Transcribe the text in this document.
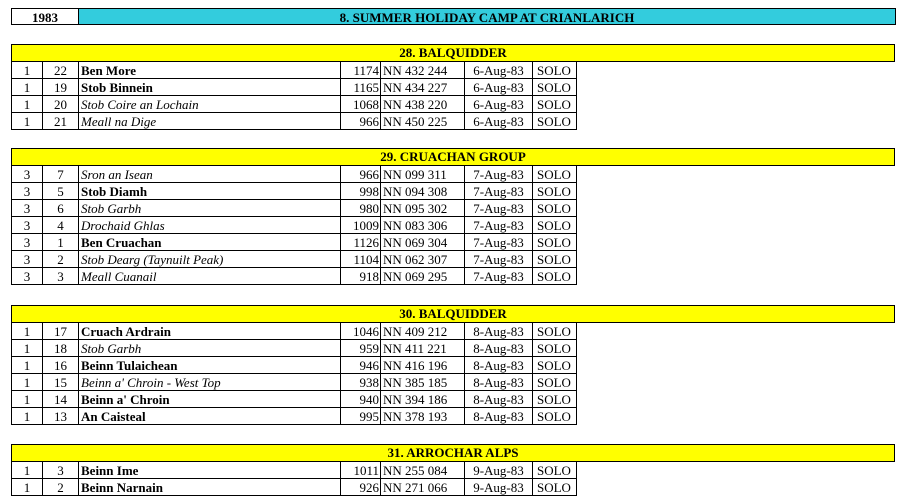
1983	8. SUMMER HOLIDAY CAMP AT CRIANLARICH
28. BALQUIDDER
1	22	Ben More	1174 NN 432 244	6-Aug-83	SOLO
1	19	Stob Binnein	1165 NN 434 227	6-Aug-83	SOLO
1	20	Stob Coire an Lochain	1068 NN 438 220	6-Aug-83	SOLO
1	21	Meall na Dige	966 NN 450 225	6-Aug-83	SOLO
29. CRUACHAN GROUP
3	7	Sron an Isean	966 NN 099 311	7-Aug-83	SOLO
3	5	Stob Diamh	998 NN 094 308	7-Aug-83	SOLO
3	6	Stob Garbh	980 NN 095 302	7-Aug-83	SOLO
3	4	Drochaid Ghlas	1009 NN 083 306	7-Aug-83	SOLO
3	1	Ben Cruachan	1126 NN 069 304	7-Aug-83	SOLO
3	2	Stob Dearg (Taynuilt Peak)	1104 NN 062 307	7-Aug-83	SOLO
3	3	Meall Cuanail	918 NN 069 295	7-Aug-83	SOLO
30. BALQUIDDER
1	17	Cruach Ardrain	1046 NN 409 212	8-Aug-83	SOLO
1	18	Stob Garbh	959 NN 411 221	8-Aug-83	SOLO
1	16	Beinn Tulaichean	946 NN 416 196	8-Aug-83	SOLO
1	15	Beinn a' Chroin - West Top	938 NN 385 185	8-Aug-83	SOLO
1	14	Beinn a' Chroin	940 NN 394 186	8-Aug-83	SOLO
1	13	An Caisteal	995 NN 378 193	8-Aug-83	SOLO
31. ARROCHAR ALPS
1	3	Beinn Ime	1011 NN 255 084	9-Aug-83	SOLO
1	2	Beinn Narnain	926 NN 271 066	9-Aug-83	SOLO
